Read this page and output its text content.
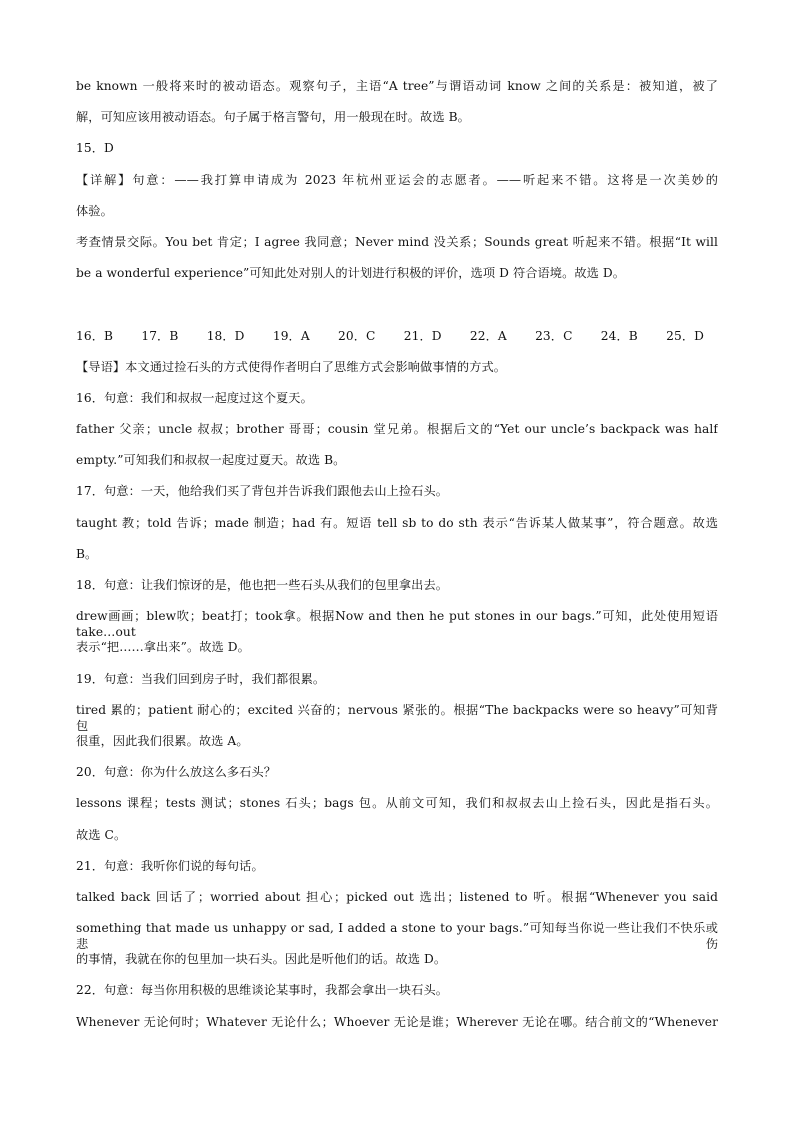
be known 一般将来时的被动语态。观察句子，主语“A tree”与谓语动词 know 之间的关系是：被知道，被了
解，可知应该用被动语态。句子属于格言警句，用一般现在时。故选 B。
15．D
【详解】句意：——我打算申请成为 2023 年杭州亚运会的志愿者。——听起来不错。这将是一次美妙的
体验。
考查情景交际。You bet 肯定；I agree 我同意；Never mind 没关系；Sounds great 听起来不错。根据“It will
be a wonderful experience”可知此处对别人的计划进行积极的评价，选项 D 符合语境。故选 D。
16．B 17．B 18．D 19．A 20．C 21．D 22．A 23．C 24．B 25．D
【导语】本文通过捡石头的方式使得作者明白了思维方式会影响做事情的方式。
16．句意：我们和叔叔一起度过这个夏天。
father 父亲；uncle 叔叔；brother 哥哥；cousin 堂兄弟。根据后文的“Yet our uncle’s backpack was half
empty.”可知我们和叔叔一起度过夏天。故选 B。
17．句意：一天，他给我们买了背包并告诉我们跟他去山上捡石头。
taught 教；told 告诉；made 制造；had 有。短语 tell sb to do sth 表示“告诉某人做某事”，符合题意。故选
B。
18．句意：让我们惊讶的是，他也把一些石头从我们的包里拿出去。
drew画画；blew吹；beat打；took拿。根据Now and then he put stones in our bags.”可知，此处使用短语 take…out
表示“把……拿出来”。故选 D。
19．句意：当我们回到房子时，我们都很累。
tired 累的；patient 耐心的；excited 兴奋的；nervous 紧张的。根据“The backpacks were so heavy”可知背包
很重，因此我们很累。故选 A。
20．句意：你为什么放这么多石头？
lessons 课程；tests 测试；stones 石头；bags 包。从前文可知，我们和叔叔去山上捡石头，因此是指石头。
故选 C。
21．句意：我听你们说的每句话。
talked back 回话了；worried about 担心；picked out 选出；listened to 听。根据“Whenever you said
something that made us unhappy or sad, I added a stone to your bags.”可知每当你说一些让我们不快乐或悲伤
的事情，我就在你的包里加一块石头。因此是听他们的话。故选 D。
22．句意：每当你用积极的思维谈论某事时，我都会拿出一块石头。
Whenever 无论何时；Whatever 无论什么；Whoever 无论是谁；Wherever 无论在哪。结合前文的“Whenever
